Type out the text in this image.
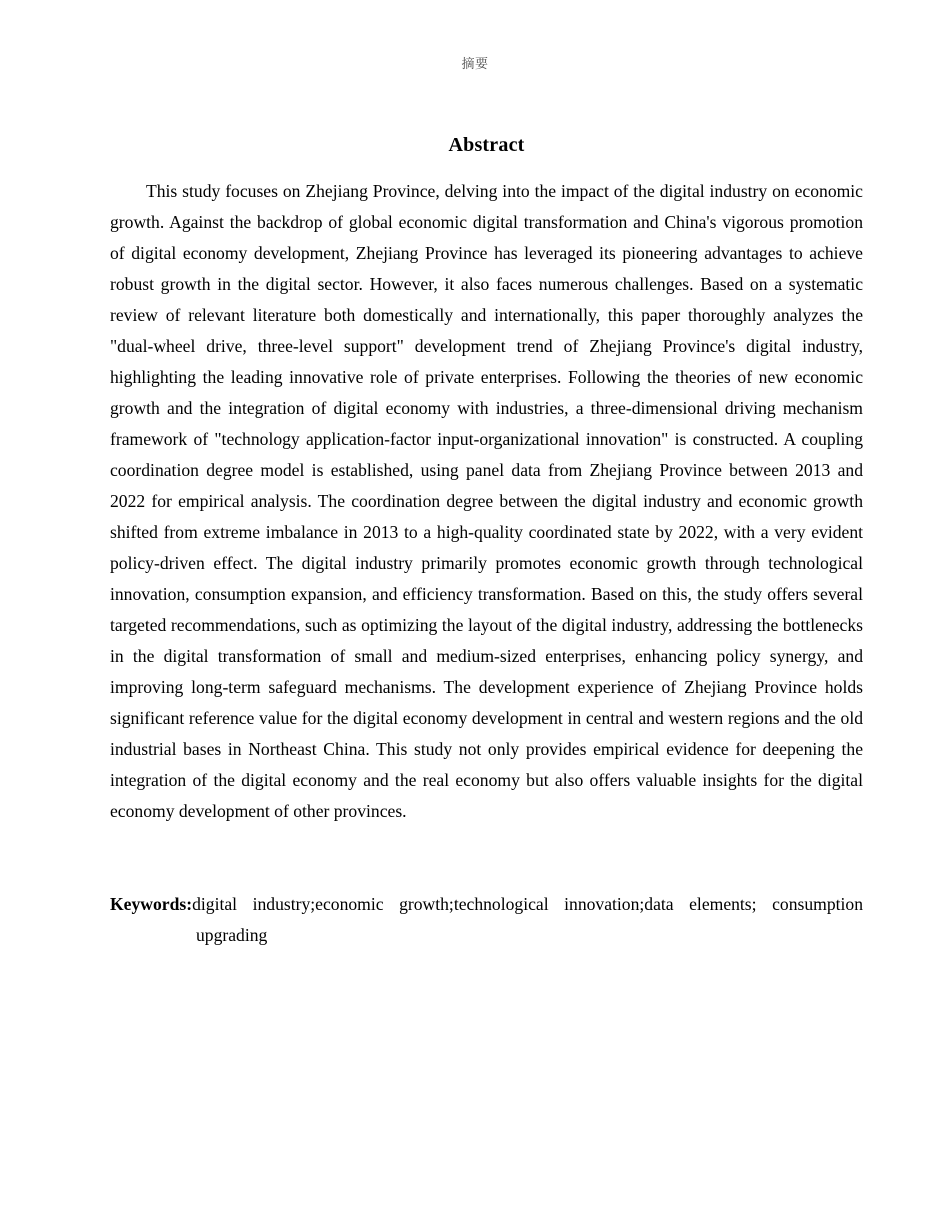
摘要
Abstract

This study focuses on Zhejiang Province, delving into the impact of the digital industry on economic growth. Against the backdrop of global economic digital transformation and China's vigorous promotion of digital economy development, Zhejiang Province has leveraged its pioneering advantages to achieve robust growth in the digital sector. However, it also faces numerous challenges. Based on a systematic review of relevant literature both domestically and internationally, this paper thoroughly analyzes the "dual-wheel drive, three-level support" development trend of Zhejiang Province's digital industry, highlighting the leading innovative role of private enterprises. Following the theories of new economic growth and the integration of digital economy with industries, a three-dimensional driving mechanism framework of "technology application-factor input-organizational innovation" is constructed. A coupling coordination degree model is established, using panel data from Zhejiang Province between 2013 and 2022 for empirical analysis. The coordination degree between the digital industry and economic growth shifted from extreme imbalance in 2013 to a high-quality coordinated state by 2022, with a very evident policy-driven effect. The digital industry primarily promotes economic growth through technological innovation, consumption expansion, and efficiency transformation. Based on this, the study offers several targeted recommendations, such as optimizing the layout of the digital industry, addressing the bottlenecks in the digital transformation of small and medium-sized enterprises, enhancing policy synergy, and improving long-term safeguard mechanisms. The development experience of Zhejiang Province holds significant reference value for the digital economy development in central and western regions and the old industrial bases in Northeast China. This study not only provides empirical evidence for deepening the integration of the digital economy and the real economy but also offers valuable insights for the digital economy development of other provinces.

Keywords:digital industry;economic growth;technological innovation;data elements; consumption upgrading
